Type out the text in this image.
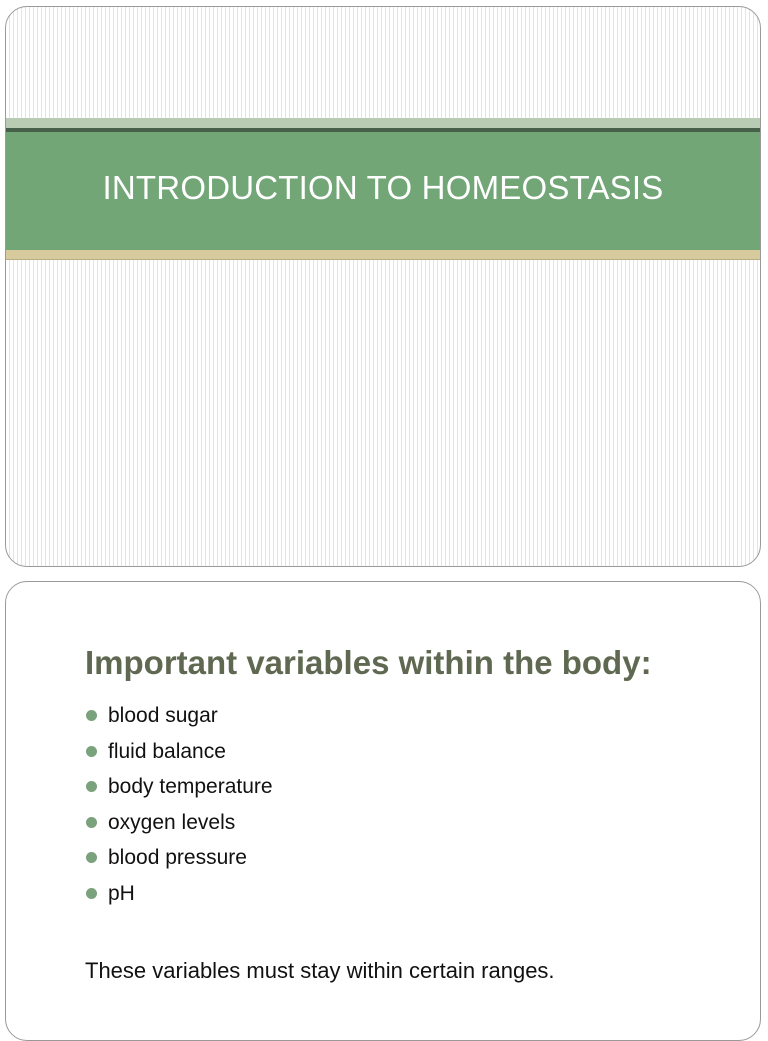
INTRODUCTION TO HOMEOSTASIS
Important variables within the body:
blood sugar
fluid balance
body temperature
oxygen levels
blood pressure
pH

These variables must stay within certain ranges.
